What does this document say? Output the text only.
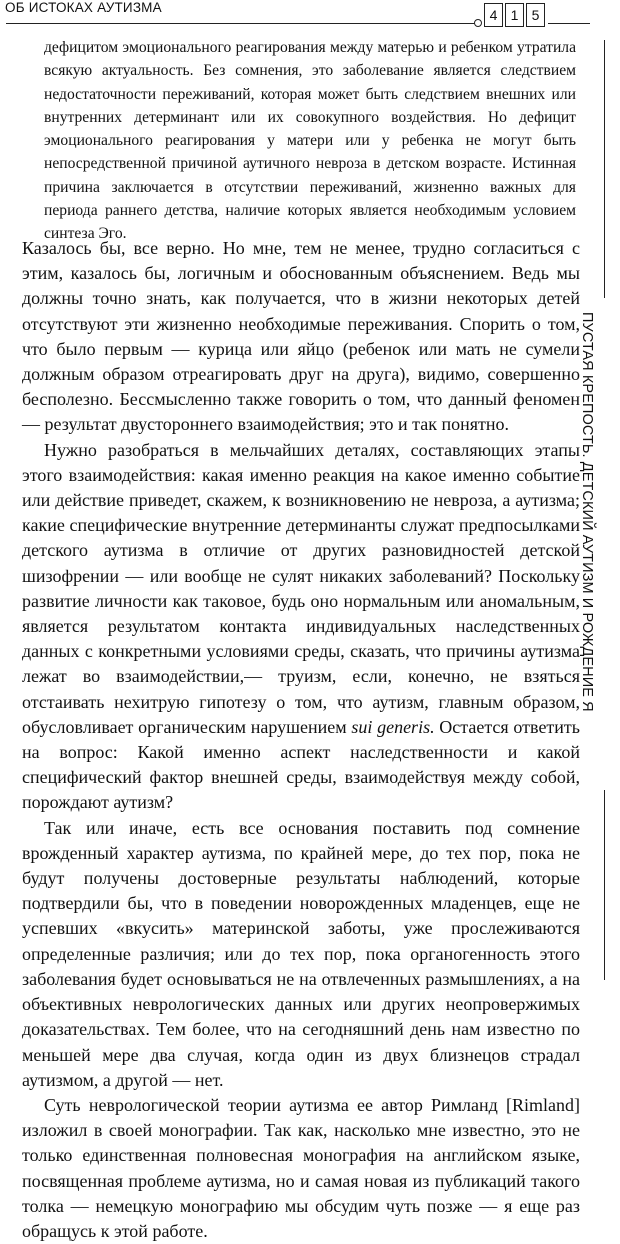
ОБ ИСТОКАХ АУТИЗМА	4 1 5
ПУСТАЯ КРЕПОСТЬ. ДЕТСКИЙ АУТИЗМ И РОЖДЕНИЕ Я

дефицитом эмоционального реагирования между матерью и ребенком утратила всякую актуальность. Без сомнения, это заболевание является следствием недостаточности переживаний, которая может быть следствием внешних или внутренних детерминант или их совокупного воздействия. Но дефицит эмоционального реагирования у матери или у ребенка не могут быть непосредственной причиной аутичного невроза в детском возрасте. Истинная причина заключается в отсутствии переживаний, жизненно важных для периода раннего детства, наличие которых является необходимым условием синтеза Эго.

Казалось бы, все верно. Но мне, тем не менее, трудно согласиться с этим, казалось бы, логичным и обоснованным объяснением. Ведь мы должны точно знать, как получается, что в жизни некоторых детей отсутствуют эти жизненно необходимые переживания. Спорить о том, что было первым — курица или яйцо (ребенок или мать не сумели должным образом отреагировать друг на друга), видимо, совершенно бесполезно. Бессмысленно также говорить о том, что данный феномен — результат двустороннего взаимодействия; это и так понятно.

Нужно разобраться в мельчайших деталях, составляющих этапы этого взаимодействия: какая именно реакция на какое именно событие или действие приведет, скажем, к возникновению не невроза, а аутизма; какие специфические внутренние детерминанты служат предпосылками детского аутизма в отличие от других разновидностей детской шизофрении — или вообще не сулят никаких заболеваний? Поскольку развитие личности как таковое, будь оно нормальным или аномальным, является результатом контакта индивидуальных наследственных данных с конкретными условиями среды, сказать, что причины аутизма лежат во взаимодействии,— труизм, если, конечно, не взяться отстаивать нехитрую гипотезу о том, что аутизм, главным образом, обусловливает органическим нарушением sui generis. Остается ответить на вопрос: Какой именно аспект наследственности и какой специфический фактор внешней среды, взаимодействуя между собой, порождают аутизм?

Так или иначе, есть все основания поставить под сомнение врожденный характер аутизма, по крайней мере, до тех пор, пока не будут получены достоверные результаты наблюдений, которые подтвердили бы, что в поведении новорожденных младенцев, еще не успевших «вкусить» материнской заботы, уже прослеживаются определенные различия; или до тех пор, пока органогенность этого заболевания будет основываться не на отвлеченных размышлениях, а на объективных неврологических данных или других неопровержимых доказательствах. Тем более, что на сегодняшний день нам известно по меньшей мере два случая, когда один из двух близнецов страдал аутизмом, а другой — нет.

Суть неврологической теории аутизма ее автор Римланд [Rimland] изложил в своей монографии. Так как, насколько мне известно, это не только единственная полновесная монография на английском языке, посвященная проблеме аутизма, но и самая новая из публикаций такого толка — немецкую монографию мы обсудим чуть позже — я еще раз обращусь к этой работе.
